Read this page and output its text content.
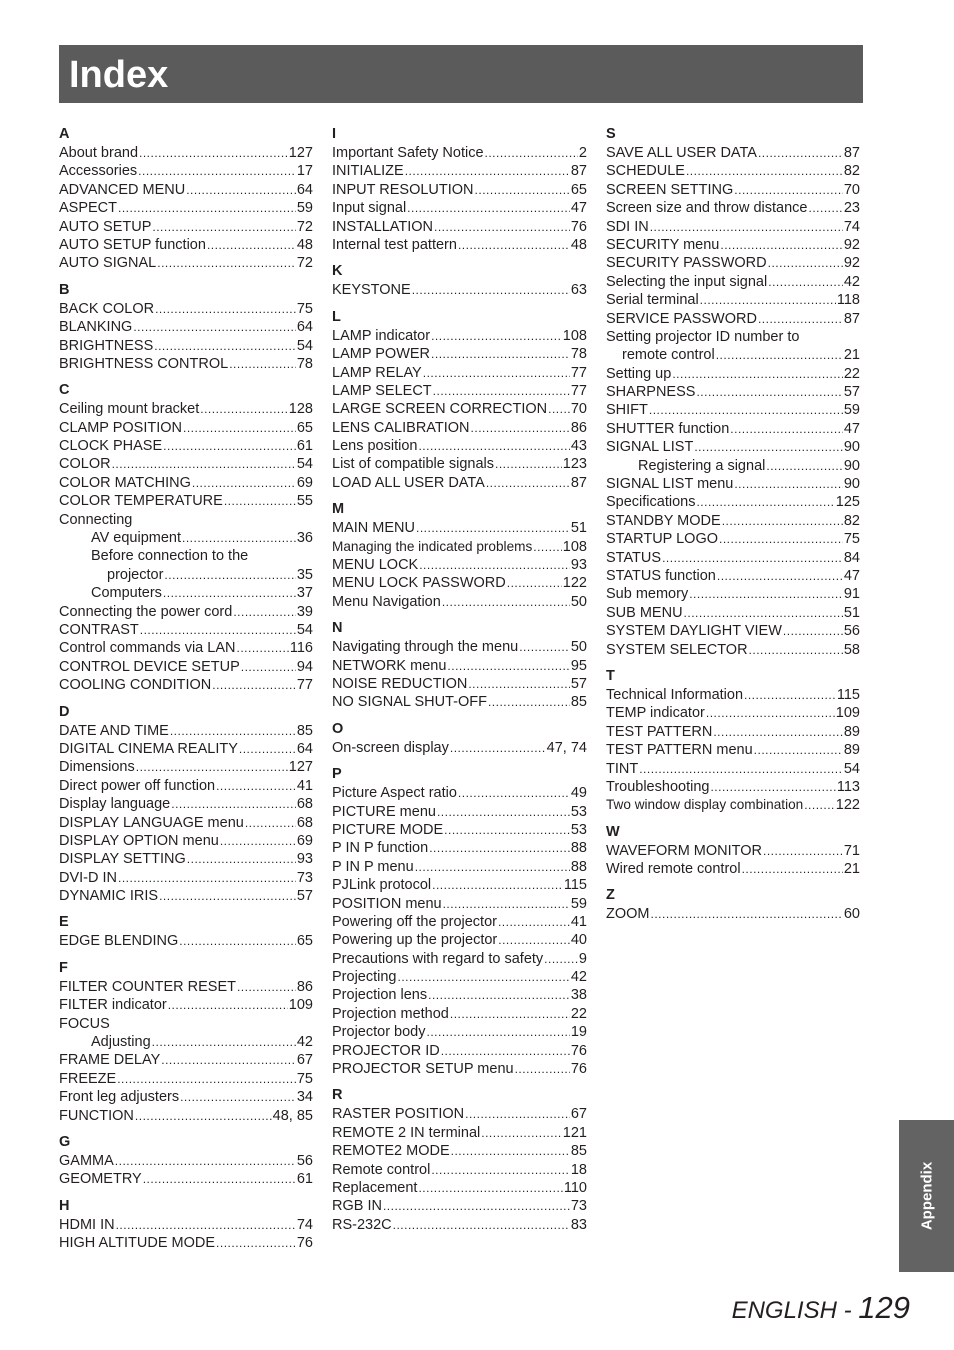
Index
A
About brand .....	127
Accessories .....	17
ADVANCED MENU .....	64
ASPECT .....	59
AUTO SETUP .....	72
AUTO SETUP function .....	48
AUTO SIGNAL .....	72
B
BACK COLOR .....	75
BLANKING .....	64
BRIGHTNESS .....	54
BRIGHTNESS CONTROL .....	78
C
Ceiling mount bracket .....	128
CLAMP POSITION .....	65
CLOCK PHASE .....	61
COLOR .....	54
COLOR MATCHING .....	69
COLOR TEMPERATURE .....	55
Connecting
AV equipment .....	36
Before connection to the
projector .....	35
Computers .....	37
Connecting the power cord .....	39
CONTRAST .....	54
Control commands via LAN .....	116
CONTROL DEVICE SETUP .....	94
COOLING CONDITION .....	77
D
DATE AND TIME .....	85
DIGITAL CINEMA REALITY .....	64
Dimensions .....	127
Direct power off function .....	41
Display language .....	68
DISPLAY LANGUAGE menu .....	68
DISPLAY OPTION menu .....	69
DISPLAY SETTING .....	93
DVI-D IN .....	73
DYNAMIC IRIS .....	57
E
EDGE BLENDING .....	65
F
FILTER COUNTER RESET .....	86
FILTER indicator .....	109
FOCUS
Adjusting .....	42
FRAME DELAY .....	67
FREEZE .....	75
Front leg adjusters .....	34
FUNCTION .....	48, 85
G
GAMMA .....	56
GEOMETRY .....	61
H
HDMI IN .....	74
HIGH ALTITUDE MODE .....	76
I
Important Safety Notice .....	2
INITIALIZE .....	87
INPUT RESOLUTION .....	65
Input signal .....	47
INSTALLATION .....	76
Internal test pattern .....	48
K
KEYSTONE .....	63
L
LAMP indicator .....	108
LAMP POWER .....	78
LAMP RELAY .....	77
LAMP SELECT .....	77
LARGE SCREEN CORRECTION ..... 70
LENS CALIBRATION .....	86
Lens position .....	43
List of compatible signals .....	123
LOAD ALL USER DATA .....	87
M
MAIN MENU .....	51
Managing the indicated problems ..... 108
MENU LOCK .....	93
MENU LOCK PASSWORD .....	122
Menu Navigation .....	50
N
Navigating through the menu .....	50
NETWORK menu .....	95
NOISE REDUCTION .....	57
NO SIGNAL SHUT-OFF .....	85
O
On-screen display .....	47, 74
P
Picture Aspect ratio .....	49
PICTURE menu .....	53
PICTURE MODE .....	53
P IN P function .....	88
P IN P menu .....	88
PJLink protocol .....	115
POSITION menu .....	59
Powering off the projector .....	41
Powering up the projector .....	40
Precautions with regard to safety ..... 9
Projecting .....	42
Projection lens .....	38
Projection method .....	22
Projector body .....	19
PROJECTOR ID .....	76
PROJECTOR SETUP menu .....	76
R
RASTER POSITION .....	67
REMOTE 2 IN terminal .....	121
REMOTE2 MODE .....	85
Remote control .....	18
Replacement .....	110
RGB IN .....	73
RS-232C .....	83
S
SAVE ALL USER DATA .....	87
SCHEDULE .....	82
SCREEN SETTING .....	70
Screen size and throw distance .....	23
SDI IN .....	74
SECURITY menu .....	92
SECURITY PASSWORD .....	92
Selecting the input signal .....	42
Serial terminal .....	118
SERVICE PASSWORD .....	87
Setting projector ID number to
remote control .....	21
Setting up .....	22
SHARPNESS .....	57
SHIFT .....	59
SHUTTER function .....	47
SIGNAL LIST .....	90
Registering a signal .....	90
SIGNAL LIST menu .....	90
Specifications .....	125
STANDBY MODE .....	82
STARTUP LOGO .....	75
STATUS .....	84
STATUS function .....	47
Sub memory .....	91
SUB MENU .....	51
SYSTEM DAYLIGHT VIEW .....	56
SYSTEM SELECTOR .....	58
T
Technical Information .....	115
TEMP indicator .....	109
TEST PATTERN .....	89
TEST PATTERN menu .....	89
TINT .....	54
Troubleshooting .....	113
Two window display combination ..... 122
W
WAVEFORM MONITOR .....	71
Wired remote control .....	21
Z
ZOOM .....	60
Appendix
ENGLISH - 129
